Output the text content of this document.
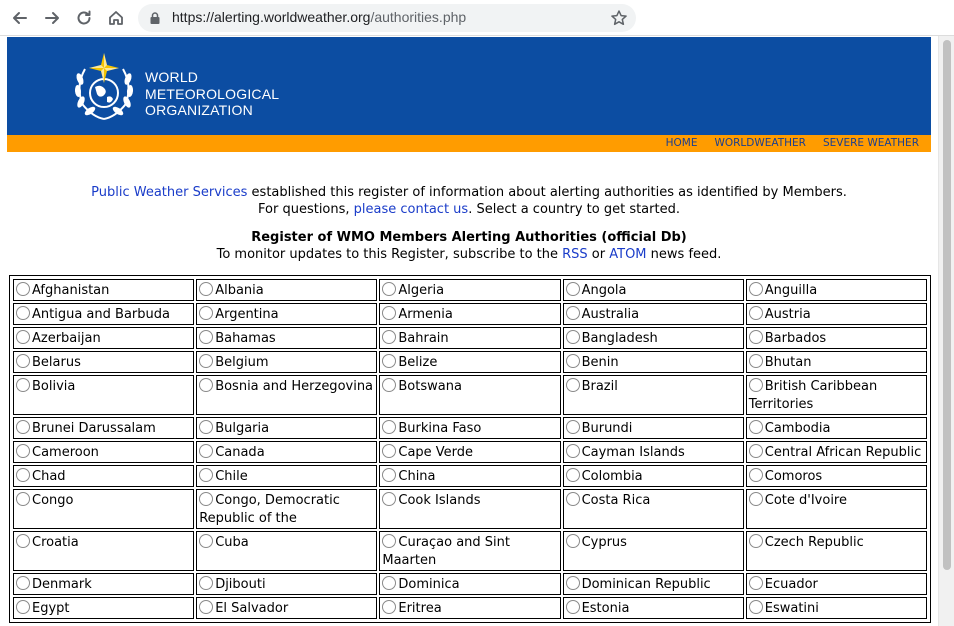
https://alerting.worldweather.org/authorities.php
WORLD
METEOROLOGICAL
ORGANIZATION
HOME WORLDWEATHER SEVERE WEATHER
Public Weather Services established this register of information about alerting authorities as identified by Members.
For questions, please contact us. Select a country to get started.
Register of WMO Members Alerting Authorities (official Db)
To monitor updates to this Register, subscribe to the RSS or ATOM news feed.
Afghanistan	Albania	Algeria	Angola	Anguilla
Antigua and Barbuda	Argentina	Armenia	Australia	Austria
Azerbaijan	Bahamas	Bahrain	Bangladesh	Barbados
Belarus	Belgium	Belize	Benin	Bhutan
Bolivia	Bosnia and Herzegovina	Botswana	Brazil	British Caribbean Territories
Brunei Darussalam	Bulgaria	Burkina Faso	Burundi	Cambodia
Cameroon	Canada	Cape Verde	Cayman Islands	Central African Republic
Chad	Chile	China	Colombia	Comoros
Congo	Congo, Democratic Republic of the	Cook Islands	Costa Rica	Cote d'Ivoire
Croatia	Cuba	Curaçao and Sint Maarten	Cyprus	Czech Republic
Denmark	Djibouti	Dominica	Dominican Republic	Ecuador
Egypt	El Salvador	Eritrea	Estonia	Eswatini
